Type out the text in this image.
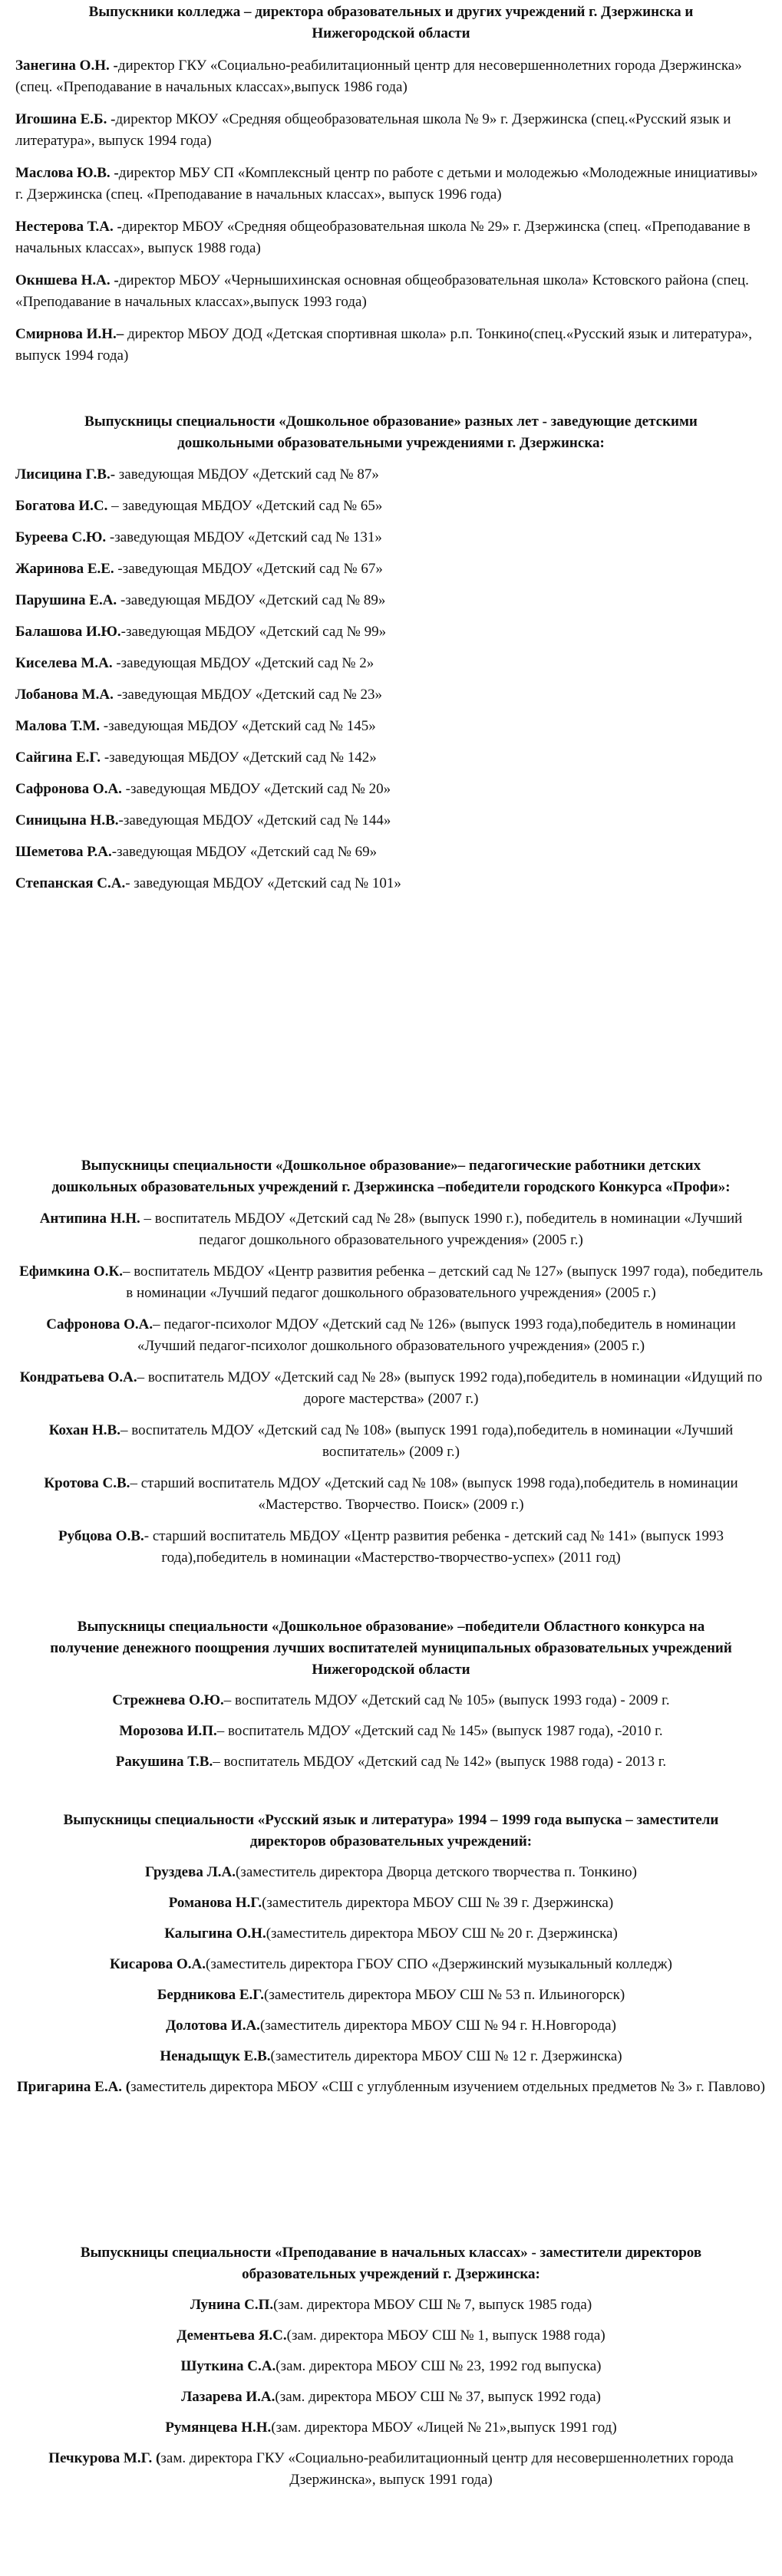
Выпускники колледжа – директора образовательных и других учреждений г. Дзержинска и Нижегородской области
Занегина О.Н. -директор ГКУ «Социально-реабилитационный центр для несовершеннолетних города Дзержинска» (спец. «Преподавание в начальных классах»,выпуск 1986 года)
Игошина Е.Б. -директор МКОУ «Средняя общеобразовательная школа № 9» г. Дзержинска (спец.«Русский язык и литература», выпуск 1994 года)
Маслова Ю.В. -директор МБУ СП «Комплексный центр по работе с детьми и молодежью «Молодежные инициативы» г. Дзержинска (спец. «Преподавание в начальных классах», выпуск 1996 года)
Нестерова Т.А. -директор МБОУ «Средняя общеобразовательная школа № 29» г. Дзержинска (спец. «Преподавание в начальных классах», выпуск 1988 года)
Окншева Н.А. -директор МБОУ «Чернышихинская основная общеобразовательная школа» Кстовского района (спец. «Преподавание в начальных классах»,выпуск 1993 года)
Смирнова И.Н.– директор МБОУ ДОД «Детская спортивная школа» р.п. Тонкино(спец.«Русский язык и литература», выпуск 1994 года)
Выпускницы специальности «Дошкольное образование» разных лет - заведующие детскими дошкольными образовательными учреждениями г. Дзержинска:
Лисицина Г.В.- заведующая МБДОУ «Детский сад № 87»
Богатова И.С. – заведующая МБДОУ «Детский сад № 65»
Буреева С.Ю. -заведующая МБДОУ «Детский сад № 131»
Жаринова Е.Е. -заведующая МБДОУ «Детский сад № 67»
Парушина Е.А. -заведующая МБДОУ «Детский сад № 89»
Балашова И.Ю.-заведующая МБДОУ «Детский сад № 99»
Киселева М.А. -заведующая МБДОУ «Детский сад № 2»
Лобанова М.А. -заведующая МБДОУ «Детский сад № 23»
Малова Т.М. -заведующая МБДОУ «Детский сад № 145»
Сайгина Е.Г. -заведующая МБДОУ «Детский сад № 142»
Сафронова О.А. -заведующая МБДОУ «Детский сад № 20»
Синицына Н.В.-заведующая МБДОУ «Детский сад № 144»
Шеметова Р.А.-заведующая МБДОУ «Детский сад № 69»
Степанская С.А.- заведующая МБДОУ «Детский сад № 101»
Выпускницы специальности «Дошкольное образование»– педагогические работники детских дошкольных образовательных учреждений г. Дзержинска –победители городского Конкурса «Профи»:
Антипина Н.Н. – воспитатель МБДОУ «Детский сад № 28» (выпуск 1990 г.), победитель в номинации «Лучший педагог дошкольного образовательного учреждения» (2005 г.)
Ефимкина О.К.– воспитатель МБДОУ «Центр развития ребенка – детский сад № 127» (выпуск 1997 года), победитель в номинации «Лучший педагог дошкольного образовательного учреждения» (2005 г.)
Сафронова О.А.– педагог-психолог МДОУ «Детский сад № 126» (выпуск 1993 года),победитель в номинации «Лучший педагог-психолог дошкольного образовательного учреждения» (2005 г.)
Кондратьева О.А.– воспитатель МДОУ «Детский сад № 28» (выпуск 1992 года),победитель в номинации «Идущий по дороге мастерства» (2007 г.)
Кохан Н.В.– воспитатель МДОУ «Детский сад № 108» (выпуск 1991 года),победитель в номинации «Лучший воспитатель» (2009 г.)
Кротова С.В.– старший воспитатель МДОУ «Детский сад № 108» (выпуск 1998 года),победитель в номинации «Мастерство. Творчество. Поиск» (2009 г.)
Рубцова О.В.- старший воспитатель МБДОУ «Центр развития ребенка - детский сад № 141» (выпуск 1993 года),победитель в номинации «Мастерство-творчество-успех» (2011 год)
Выпускницы специальности «Дошкольное образование» –победители Областного конкурса на получение денежного поощрения лучших воспитателей муниципальных образовательных учреждений Нижегородской области
Стрежнева О.Ю.– воспитатель МДОУ «Детский сад № 105» (выпуск 1993 года) - 2009 г.
Морозова И.П.– воспитатель МДОУ «Детский сад № 145» (выпуск 1987 года), -2010 г.
Ракушина Т.В.– воспитатель МБДОУ «Детский сад № 142» (выпуск 1988 года) - 2013 г.
Выпускницы специальности «Русский язык и литература» 1994 – 1999 года выпуска – заместители директоров образовательных учреждений:
Груздева Л.А.(заместитель директора Дворца детского творчества п. Тонкино)
Романова Н.Г.(заместитель директора МБОУ СШ № 39 г. Дзержинска)
Калыгина О.Н.(заместитель директора МБОУ СШ № 20 г. Дзержинска)
Кисарова О.А.(заместитель директора ГБОУ СПО «Дзержинский музыкальный колледж)
Бердникова Е.Г.(заместитель директора МБОУ СШ № 53 п. Ильиногорск)
Долотова И.А.(заместитель директора МБОУ СШ № 94 г. Н.Новгорода)
Ненадыщук Е.В.(заместитель директора МБОУ СШ № 12 г. Дзержинска)
Пригарина Е.А. (заместитель директора МБОУ «СШ с углубленным изучением отдельных предметов № 3» г. Павлово)
Выпускницы специальности «Преподавание в начальных классах» - заместители директоров образовательных учреждений г. Дзержинска:
Лунина С.П.(зам. директора МБОУ СШ № 7, выпуск 1985 года)
Дементьева Я.С.(зам. директора МБОУ СШ № 1, выпуск 1988 года)
Шуткина С.А.(зам. директора МБОУ СШ № 23, 1992 год выпуска)
Лазарева И.А.(зам. директора МБОУ СШ № 37, выпуск 1992 года)
Румянцева Н.Н.(зам. директора МБОУ «Лицей № 21»,выпуск 1991 год)
Печкурова М.Г. (зам. директора ГКУ «Социально-реабилитационный центр для несовершеннолетних города Дзержинска», выпуск 1991 года)
